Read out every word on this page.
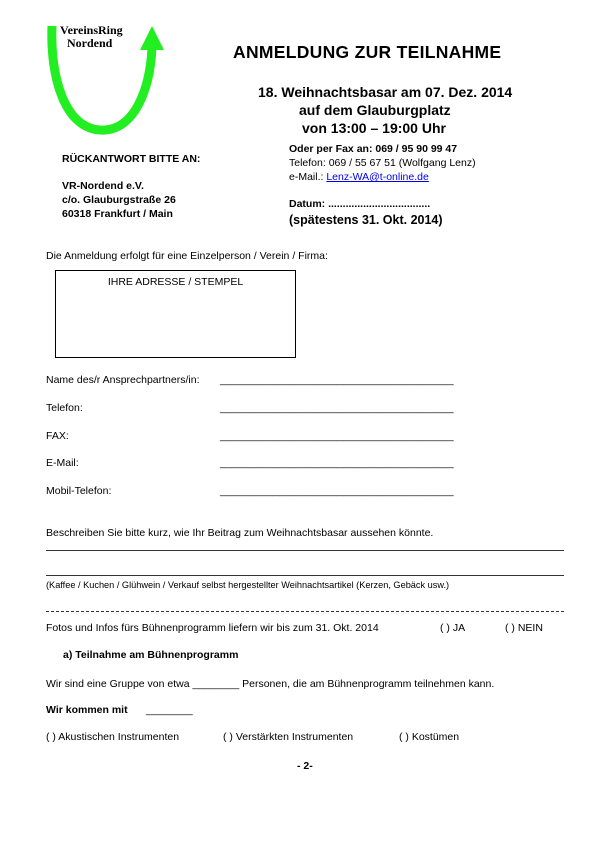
VereinsRing
Nordend	ANMELDUNG ZUR TEILNAHME
18. Weihnachtsbasar am 07. Dez. 2014
auf dem Glauburgplatz
von 13:00 – 19:00 Uhr
RÜCKANTWORT BITTE AN:
VR-Nordend e.V.
c/o. Glauburgstraße 26
60318 Frankfurt / Main
Oder per Fax an: 069 / 95 90 99 47
Telefon: 069 / 55 67 51 (Wolfgang Lenz)
e-Mail.: Lenz-WA@t-online.de
Datum: ...................................
(spätestens 31. Okt. 2014)
Die Anmeldung erfolgt für eine Einzelperson / Verein / Firma:
IHRE ADRESSE / STEMPEL
Name des/r Ansprechpartners/in: ________________________________________
Telefon:	________________________________________
FAX:	________________________________________
E-Mail:	________________________________________
Mobil-Telefon:	________________________________________
Beschreiben Sie bitte kurz, wie Ihr Beitrag zum Weihnachtsbasar aussehen könnte.
(Kaffee / Kuchen / Glühwein / Verkauf selbst hergestellter Weihnachtsartikel (Kerzen, Gebäck usw.)
Fotos und Infos fürs Bühnenprogramm liefern wir bis zum 31. Okt. 2014	( ) JA	( ) NEIN
a) Teilnahme am Bühnenprogramm
Wir sind eine Gruppe von etwa ________ Personen, die am Bühnenprogramm teilnehmen kann.
Wir kommen mit ________
( ) Akustischen Instrumenten	( ) Verstärkten Instrumenten	( ) Kostümen
- 2-
